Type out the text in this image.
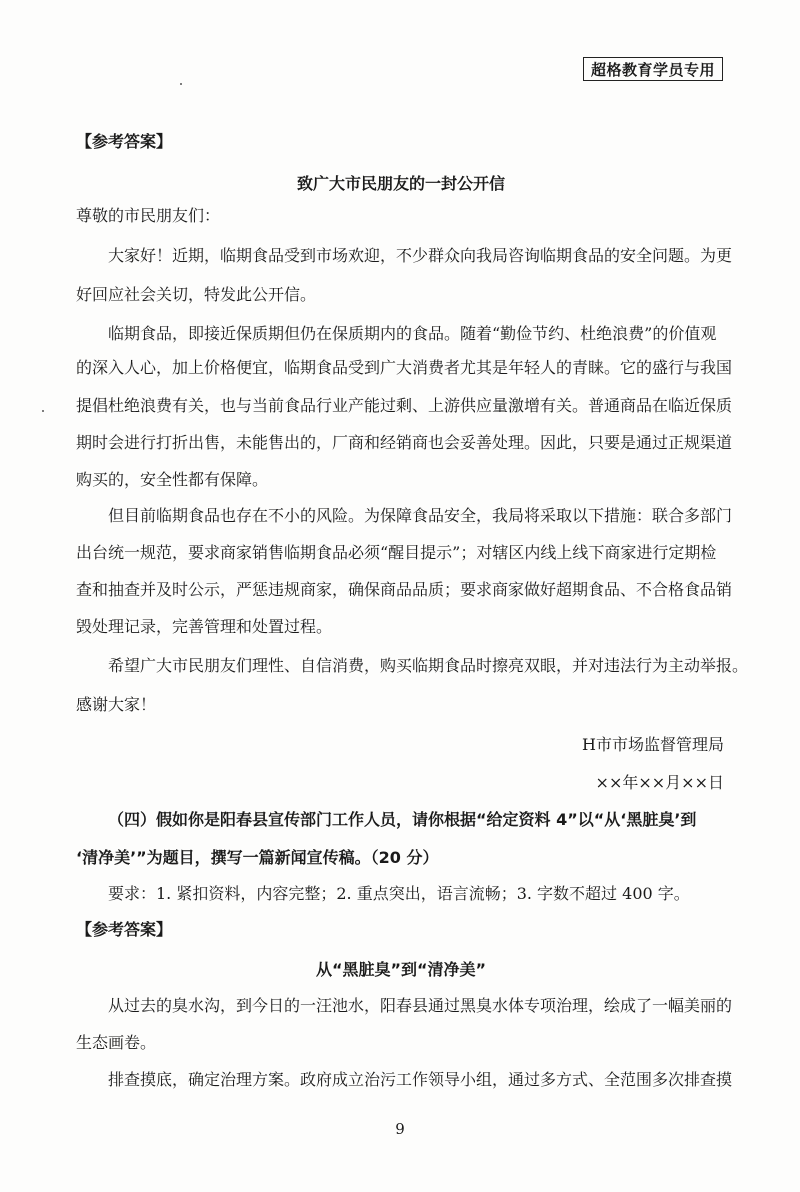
超格教育学员专用
【参考答案】
致广大市民朋友的一封公开信
尊敬的市民朋友们：
大家好！近期，临期食品受到市场欢迎，不少群众向我局咨询临期食品的安全问题。为更
好回应社会关切，特发此公开信。
临期食品，即接近保质期但仍在保质期内的食品。随着“勤俭节约、杜绝浪费”的价值观
的深入人心，加上价格便宜，临期食品受到广大消费者尤其是年轻人的青睐。它的盛行与我国
提倡杜绝浪费有关，也与当前食品行业产能过剩、上游供应量激增有关。普通商品在临近保质
期时会进行打折出售，未能售出的，厂商和经销商也会妥善处理。因此，只要是通过正规渠道
购买的，安全性都有保障。
但目前临期食品也存在不小的风险。为保障食品安全，我局将采取以下措施：联合多部门
出台统一规范，要求商家销售临期食品必须“醒目提示”；对辖区内线上线下商家进行定期检
查和抽查并及时公示，严惩违规商家，确保商品品质；要求商家做好超期食品、不合格食品销
毁处理记录，完善管理和处置过程。
希望广大市民朋友们理性、自信消费，购买临期食品时擦亮双眼，并对违法行为主动举报。
感谢大家！
H市市场监督管理局
××年××月××日
（四）假如你是阳春县宣传部门工作人员，请你根据“给定资料 4”以“从‘黑脏臭’到
‘清净美’”为题目，撰写一篇新闻宣传稿。（20 分）
要求：1. 紧扣资料，内容完整；2. 重点突出，语言流畅；3. 字数不超过 400 字。
【参考答案】
从“黑脏臭”到“清净美”
从过去的臭水沟，到今日的一汪池水，阳春县通过黑臭水体专项治理，绘成了一幅美丽的
生态画卷。
排查摸底，确定治理方案。政府成立治污工作领导小组，通过多方式、全范围多次排查摸
9
